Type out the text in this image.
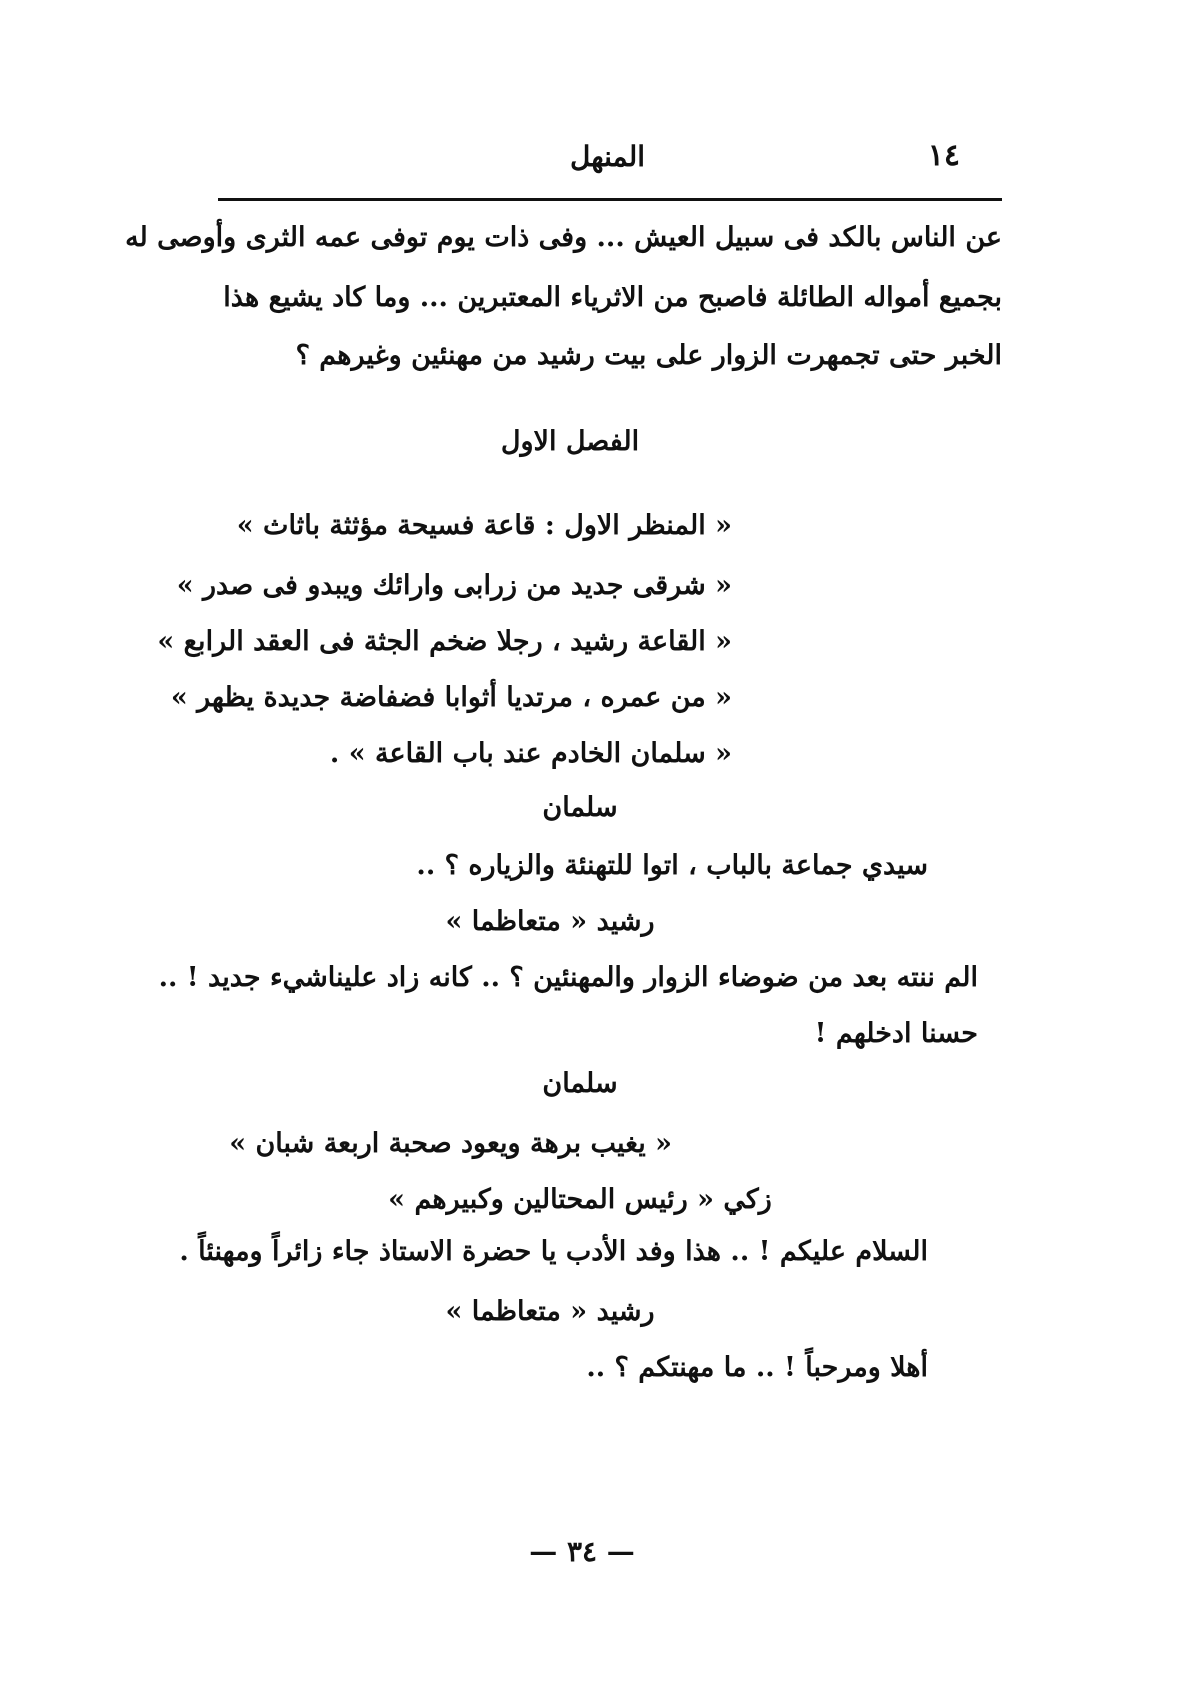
١٤
المنهل
عن الناس بالكد فى سبيل العيش ... وفى ذات يوم توفى عمه الثرى وأوصى له
بجميع أمواله الطائلة فاصبح من الاثرياء المعتبرين ... وما كاد يشيع هذا
الخبر حتى تجمهرت الزوار على بيت رشيد من مهنئين وغيرهم ؟
الفصل الاول
« المنظر الاول : قاعة فسيحة مؤثثة باثاث »
« شرقى جديد من زرابى وارائك ويبدو فى صدر »
« القاعة رشيد ، رجلا ضخم الجثة فى العقد الرابع »
« من عمره ، مرتديا أثوابا فضفاضة جديدة يظهر »
« سلمان الخادم عند باب القاعة » .
سلمان
سيدي جماعة بالباب ، اتوا للتهنئة والزياره ؟ ..
رشيد « متعاظما »
الم ننته بعد من ضوضاء الزوار والمهنئين ؟ .. كانه زاد عليناشيء جديد ! ..
حسنا ادخلهم !
سلمان
« يغيب برهة ويعود صحبة اربعة شبان »
زكي « رئيس المحتالين وكبيرهم »
السلام عليكم ! .. هذا وفد الأدب يا حضرة الاستاذ جاء زائراً ومهنئاً .
رشيد « متعاظما »
أهلا ومرحباً ! .. ما مهنتكم ؟ ..
— ٣٤ —
